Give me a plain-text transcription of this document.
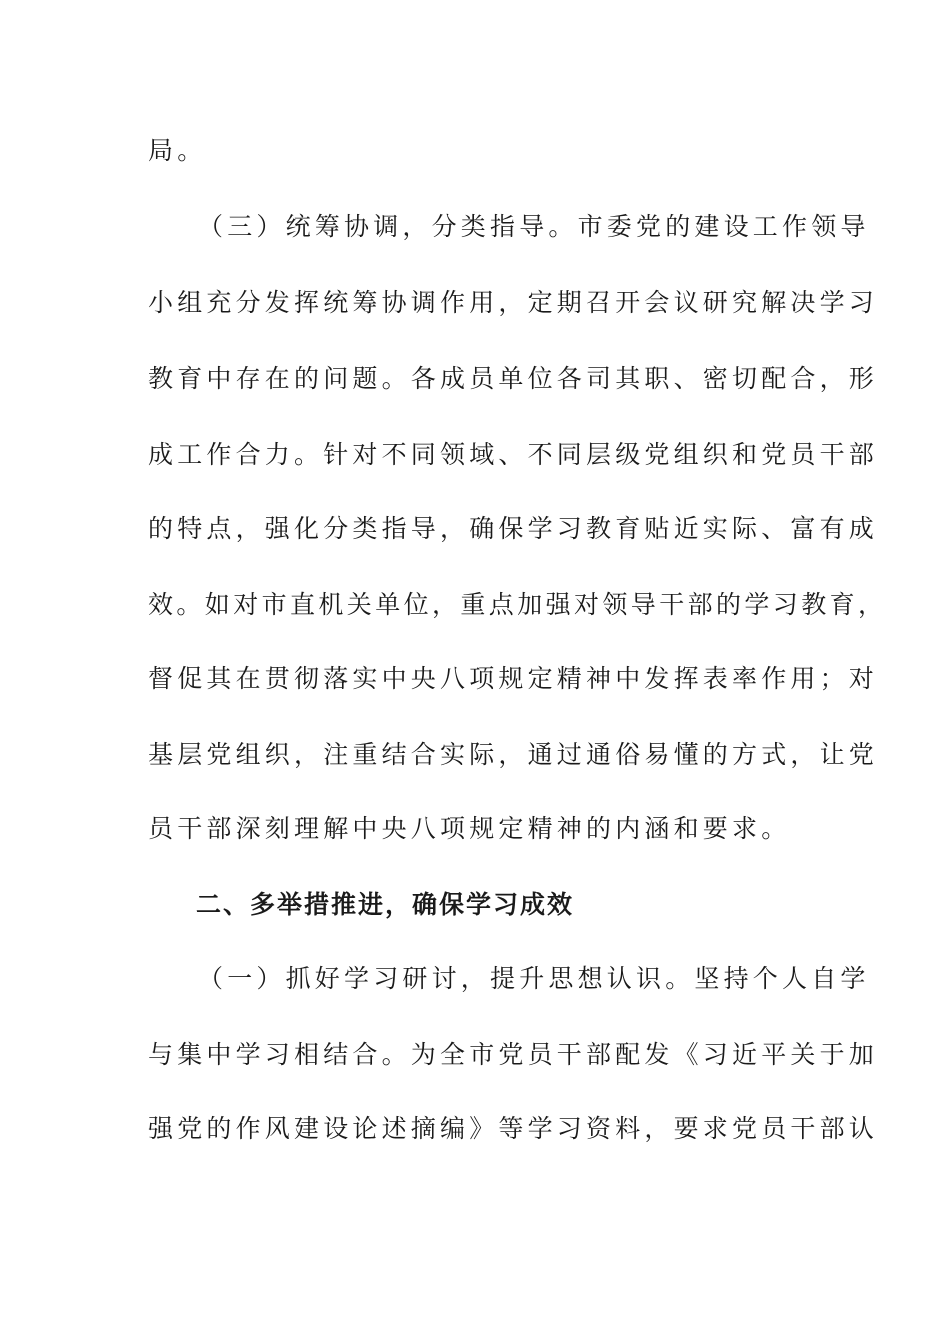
局。
（三）统筹协调，分类指导。市委党的建设工作领导
小组充分发挥统筹协调作用，定期召开会议研究解决学习
教育中存在的问题。各成员单位各司其职、密切配合，形
成工作合力。针对不同领域、不同层级党组织和党员干部
的特点，强化分类指导，确保学习教育贴近实际、富有成
效。如对市直机关单位，重点加强对领导干部的学习教育，
督促其在贯彻落实中央八项规定精神中发挥表率作用；对
基层党组织，注重结合实际，通过通俗易懂的方式，让党
员干部深刻理解中央八项规定精神的内涵和要求。
二、多举措推进，确保学习成效
（一）抓好学习研讨，提升思想认识。坚持个人自学
与集中学习相结合。为全市党员干部配发《习近平关于加
强党的作风建设论述摘编》等学习资料，要求党员干部认
